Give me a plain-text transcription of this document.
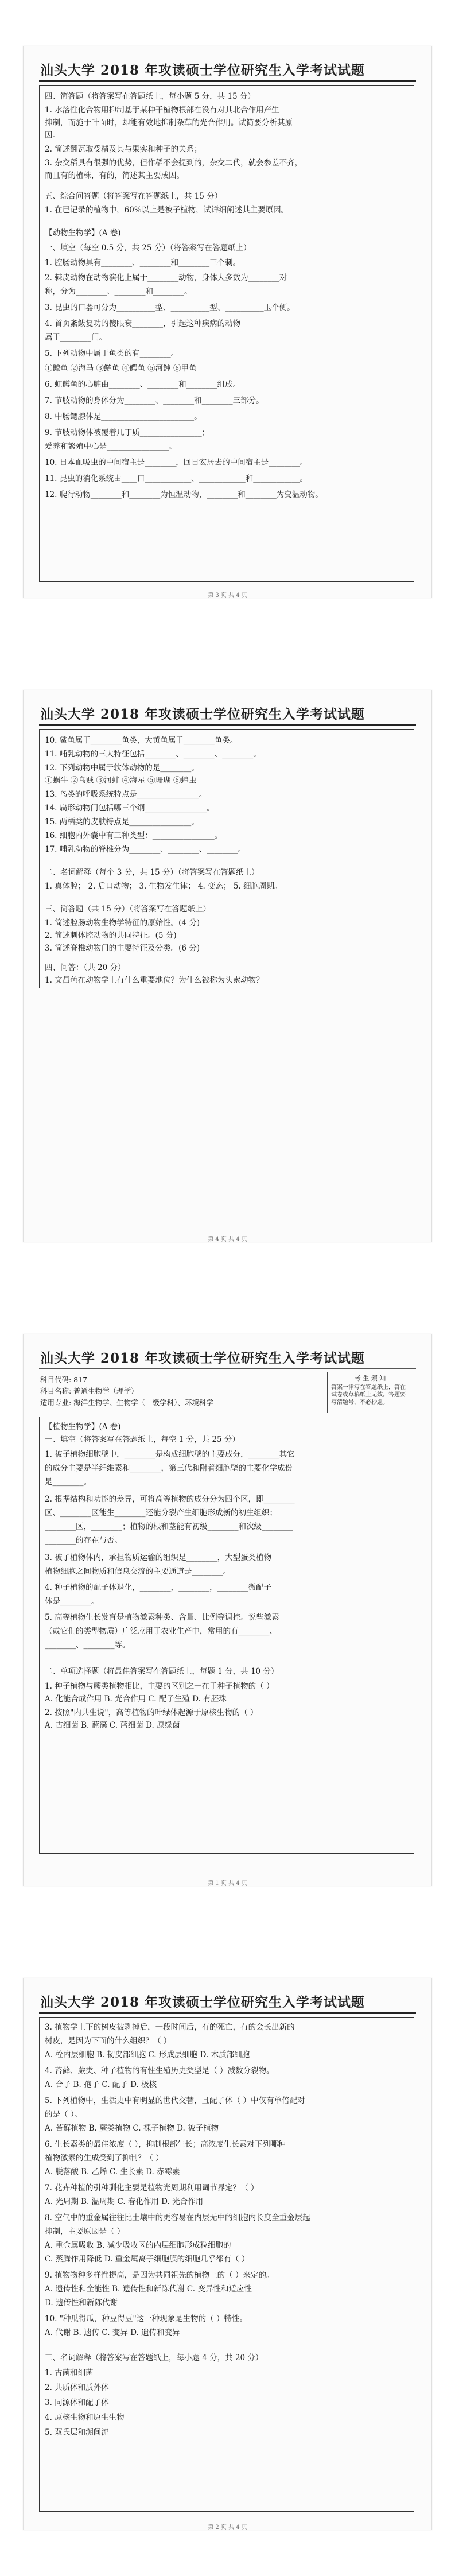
汕头大学 2018 年攻读硕士学位研究生入学考试试题
四、简答题（将答案写在答题纸上，每小题 5 分，共 15 分）
1. 水溶性化合物用抑制基于某种干植物根部在没有对其北合作用产生
抑制，而施于叶面时，却能有效地抑制杂草的光合作用。试简要分析其原
因。
2. 简述翻瓦取受精及其与果实和种子的关系；
3. 杂交稻具有很强的优势，但作稻不会提到的，杂交二代，就会参差不齐，
而且有的植株，有的，简述其主要成因。
五、综合问答题（将答案写在答题纸上，共 15 分）
1. 在已记录的植物中，60%以上是被子植物，试详细阐述其主要原因。
【动物生物学】(A 卷)
一、填空（每空 0.5 分，共 25 分）（将答案写在答题纸上）
1. 腔肠动物具有________、________和________三个刺。
2. 棘皮动物在动物演化上属于________动物，身体大多数为________对
称，分为________、________和________。
3. 昆虫的口器可分为__________型、__________型、__________玉个侧。
4. 首页紊鲅复功的傻眼衰________，引起这种疾病的动物
属于________门。
5. 下列动物中属于鱼类的有________。
①鲸鱼 ②海马 ③鲢鱼 ④鳄鱼 ⑤河鲀 ⑥甲鱼
6. 虹鳟鱼的心脏由________、________和________组成。
7. 节肢动物的身体分为________、________和________三部分。
8. 中肠鳃腺体是________________________。
9. 节肢动物体被覆着几丁质________________；
爱养和繁殖中心是________________。
10. 日本血吸虫的中间宿主是________，回日宏居去的中间宿主是________。
11. 昆虫的消化系统由____口____________、____________和____________。
12. 爬行动物________和________为恒温动物，________和________为变温动物。
第 3 页 共 4 页
汕头大学 2018 年攻读硕士学位研究生入学考试试题
10. 鲨鱼属于________鱼类，大黄鱼属于________鱼类。
11. 哺乳动物的三大特征包括________、________、________。
12. 下列动物中属于软体动物的是________。
①蜗牛 ②乌贼 ③河蚌 ④海星 ⑤珊瑚 ⑥蝗虫
13. 鸟类的呼吸系统特点是________________。
14. 扁形动物门包括哪三个纲________________。
15. 两栖类的皮肤特点是________________。
16. 细胞内外囊中有三种类型：________________。
17. 哺乳动物的脊椎分为________、________、________。
二、名词解释（每个 3 分，共 15 分）（将答案写在答题纸上）
1. 真体腔； 2. 后口动物； 3. 生物发生律； 4. 变态； 5. 细胞周期。
三、简答题（共 15 分）（将答案写在答题纸上）
1. 简述腔肠动物生物学特征的原始性。(4 分)
2. 简述刺体腔动物的共同特征。(5 分)
3. 简述脊椎动物门的主要特征及分类。(6 分)
四、问答：（共 20 分）
1. 文昌鱼在动物学上有什么重要地位？为什么被称为头索动物？
第 4 页 共 4 页
汕头大学 2018 年攻读硕士学位研究生入学考试试题
科目代码: 817
科目名称: 普通生物学（理学）
适用专业: 海洋生物学、生物学（一级学科）、环境科学
考 生 须 知
答案一律写在答题纸上，答在试卷或草稿纸上无效。答题要写清题号，不必抄题。
【植物生物学】(A 卷)
一、填空（将答案写在答题纸上，每空 1 分，共 25 分）
1. 被子植物细胞壁中，________是构成细胞壁的主要成分，________其它
的成分主要是半纤维素和________，第三代和附着细胞壁的主要化学成份
是________。
2. 根据结构和功能的差异，可将高等植物的成分分为四个区，即________
区、________区能生________还能分裂产生细胞形成新的初生组织；
________区，________；植物的根和茎能有初级________和次级________
________的存在与否。
3. 被子植物体内，承担物质运输的组织是________，大型蛋类植物
植物细胞之间物质和信息交流的主要通道是________。
4. 种子植物的配子体退化，________，________，________微配子
体是________。
5. 高等植物生长发育是植物激素种类、含量、比例等调控。说些激素
（或它们的类型物质）广泛应用于农业生产中，常用的有________、
________、________等。
二、单项选择题（将最佳答案写在答题纸上，每题 1 分，共 10 分）
1. 种子植物与蕨类植物相比，主要的区别之一在于种子植物的（ ）
A. 化能合成作用 B. 光合作用 C. 配子生殖 D. 有胚珠
2. 按照"内共生说"，高等植物的叶绿体起源于原核生物的（ ）
A. 古细菌 B. 蓝藻 C. 蓝细菌 D. 原绿菌
第 1 页 共 4 页
汕头大学 2018 年攻读硕士学位研究生入学考试试题
3. 植物学上下的树皮被剥掉后，一段时间后，有的死亡，有的会长出新的
树皮，是因为下面的什么组织？（ ）
A. 栓内层细胞 B. 韧皮部细胞 C. 形成层细胞 D. 木质部细胞
4. 苔藓、蕨类、种子植物的有性生殖历史类型是（ ）减数分裂物。
A. 合子 B. 孢子 C. 配子 D. 极核
5. 下列植物中，生活史中有明显的世代交替，且配子体（ ）中仅有单倍配对
的是（ ）。
A. 苔藓植物 B. 蕨类植物 C. 裸子植物 D. 被子植物
6. 生长素类的最佳浓度（ ），抑制根部生长；高浓度生长素对下列哪种
植物激素的生成受到了抑制？（ ）
A. 脱落酸 B. 乙烯 C. 生长素 D. 赤霉素
7. 花卉种植的引种驯化主要是植物光周期利用调节界定？（ ）
A. 光周期 B. 温周期 C. 春化作用 D. 光合作用
8. 空气中的重金属往往比土壤中的更容易在内层无中的细胞内长度全重金层起
抑制，主要原因是（ ）
A. 重金属吸收 B. 减少吸收区的内层细胞形成粒细胞的
C. 蒸腾作用降低 D. 重金属离子细胞膜的细胞几乎都有（ ）
9. 植物物种多样性提高，是因为共同祖先的植物上的（ ）来定的。
A. 遗传性和全能性 B. 遗传性和新陈代谢 C. 变异性和适应性
D. 遗传性和新陈代谢
10. "种瓜得瓜，种豆得豆"这一种现象是生物的（ ）特性。
A. 代谢 B. 遗传 C. 变异 D. 遗传和变异
三、名词解释（将答案写在答题纸上，每小题 4 分，共 20 分）
1. 古菌和细菌
2. 共质体和质外体
3. 同源体和配子体
4. 原核生物和原生生物
5. 双氏层和溯间流
第 2 页 共 4 页
